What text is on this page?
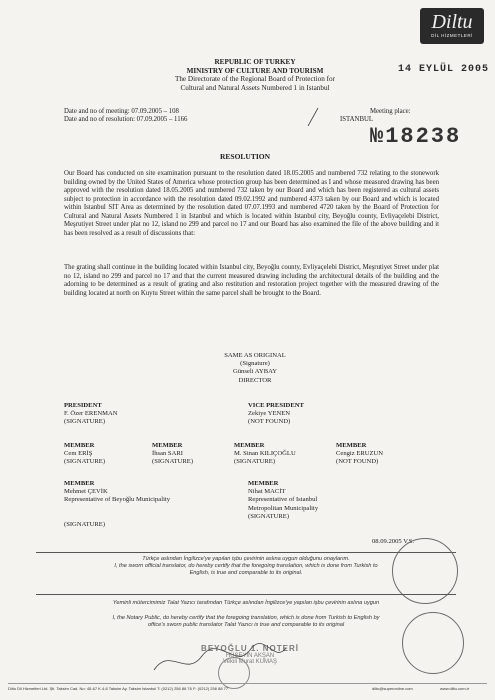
Diltu
DİL HİZMETLERİ
REPUBLIC OF TURKEY
MINISTRY OF CULTURE AND TOURISM
The Directorate of the Regional Board of Protection for
Cultural and Natural Assets Numbered 1 in Istanbul
14 EYLÜL 2005
Date and no of meeting: 07.09.2005 – 108
Date and no of resolution: 07.09.2005 – 1166
Meeting place:
ISTANBUL
№18238
RESOLUTION
Our Board has conducted on site examination pursuant to the resolution dated 18.05.2005 and numbered 732 relating to the stonework building owned by the United States of America whose protection group has been determined as I and whose measured drawing has been approved with the resolution dated 18.05.2005 and numbered 732 taken by our Board and which has been registered as cultural assets subject to protection in accordance with the resolution dated 09.02.1992 and numbered 4373 taken by our Board and which is located within Istanbul SIT Area as determined by the resolution dated 07.07.1993 and numbered 4720 taken by the Board of Protection for Cultural and Natural Assets Numbered 1 in Istanbul and which is located within Istanbul city, Beyoğlu county, Evliyaçelebi District, Meşrutiyet Street under plat no 12, island no 299 and parcel no 17 and our Board has also examined the file of the above building and it has been resolved as a result of discussions that:
The grating shall continue in the building located within Istanbul city, Beyoğlu county, Evliyaçelebi District, Meşrutiyet Street under plat no 12, island no 299 and parcel no 17 and that the current measured drawing including the architectural details of the building and the adorning to be determined as a result of grating and also restitution and restoration project together with the measured drawing of the building located at north on Kuytu Street within the same parcel shall be brought to the Board.
SAME AS ORIGINAL
(Signature)
Günseli AYBAY
DIRECTOR
PRESIDENT
F. Özer ERENMAN
(SIGNATURE)
VICE PRESIDENT
Zekiye YENEN
(NOT FOUND)
MEMBER
Cem ERİŞ
(SIGNATURE)
MEMBER
İhsan SARI
(SIGNATURE)
MEMBER
M. Sinan KILIÇOĞLU
(SIGNATURE)
MEMBER
Cengiz ERUZUN
(NOT FOUND)
MEMBER
Mehmet ÇEVİK
Representative of Beyoğlu Municipality
(SIGNATURE)
MEMBER
Nihat MACİT
Representative of Istanbul
Metropolitan Municipality
(SIGNATURE)
08.09.2005 V.S.
Türkçe aslından İngilizce'ye yapılan işbu çevirinin aslına uygun olduğunu onaylarım.
I, the sworn official translator, do hereby certify that the foregoing translation, which is done from Turkish to
English, is true and comparable to its original.
Yeminli mütercimimiz Talat Yazıcı tarafından Türkçe aslından İngilizce'ye yapılan işbu çevirinin aslına uygun
I, the Notary Public, do hereby certify that the foregoing translation, which is done from Turkish to English by
office's sworn public translator Talat Yazıcı is true and comparable to its original
BEYOĞLU 1. NOTERİ
HÜSEYİN AKŞAN
Vekili Murat KUMAŞ
Diltu Dil Hizmetleri Ltd. Şti. Taksim Cad. No: 45-67 K.4-6 Taksim Ay. Taksim İstanbul T: (0212) 256 88 76 F: (0212) 256 88 77	diltu@superonline.com	www.diltu.com.tr
